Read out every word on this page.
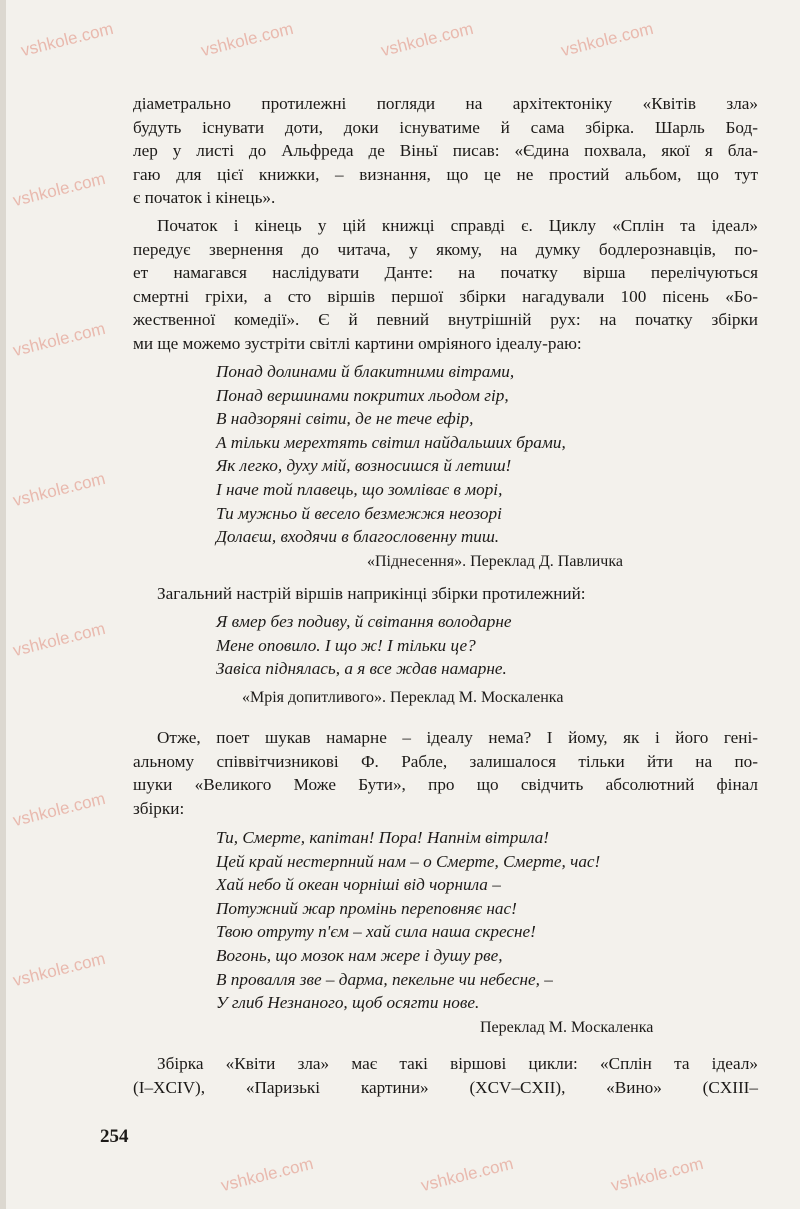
vshkole.com	vshkole.com	vshkole.com	vshkole.com
vshkole.com
vshkole.com
vshkole.com
vshkole.com
vshkole.com
vshkole.com
vshkole.com	vshkole.com	vshkole.com
діаметрально протилежні погляди на архітектоніку «Квітів зла»
будуть існувати доти, доки існуватиме й сама збірка. Шарль Бод-
лер у листі до Альфреда де Віньї писав: «Єдина похвала, якої я бла-
гаю для цієї книжки, – визнання, що це не простий альбом, що тут
є початок і кінець».
Початок і кінець у цій книжці справді є. Циклу «Сплін та ідеал»
передує звернення до читача, у якому, на думку бодлерознавців, по-
ет намагався наслідувати Данте: на початку вірша перелічуються
смертні гріхи, а сто віршів першої збірки нагадували 100 пісень «Бо-
жественної комедії». Є й певний внутрішній рух: на початку збірки
ми ще можемо зустріти світлі картини омріяного ідеалу-раю:
Понад долинами й блакитними вітрами,
Понад вершинами покритих льодом гір,
В надзоряні світи, де не тече ефір,
А тільки мерехтять світил найдальших брами,
Як легко, духу мій, возносишся й летиш!
І наче той плавець, що зомліває в морі,
Ти мужньо й весело безмежжя неозорі
Долаєш, входячи в благословенну тиш.
«Піднесення». Переклад Д. Павличка
Загальний настрій віршів наприкінці збірки протилежний:
Я вмер без подиву, й світання володарне
Мене оповило. І що ж! І тільки це?
Завіса піднялась, а я все ждав намарне.
«Мрія допитливого». Переклад М. Москаленка
Отже, поет шукав намарне – ідеалу нема? І йому, як і його гені-
альному співвітчизникові Ф. Рабле, залишалося тільки йти на по-
шуки «Великого Може Бути», про що свідчить абсолютний фінал
збірки:
Ти, Смерте, капітан! Пора! Напнім вітрила!
Цей край нестерпний нам – о Смерте, Смерте, час!
Хай небо й океан чорніші від чорнила –
Потужний жар промінь переповняє нас!
Твою отруту п'єм – хай сила наша скресне!
Вогонь, що мозок нам жере і душу рве,
В провалля зве – дарма, пекельне чи небесне, –
У глиб Незнаного, щоб осягти нове.
Переклад М. Москаленка
Збірка «Квіти зла» має такі віршові цикли: «Сплін та ідеал»
(I–XCIV), «Паризькі картини» (XCV–CXII), «Вино» (CXIII–
254
